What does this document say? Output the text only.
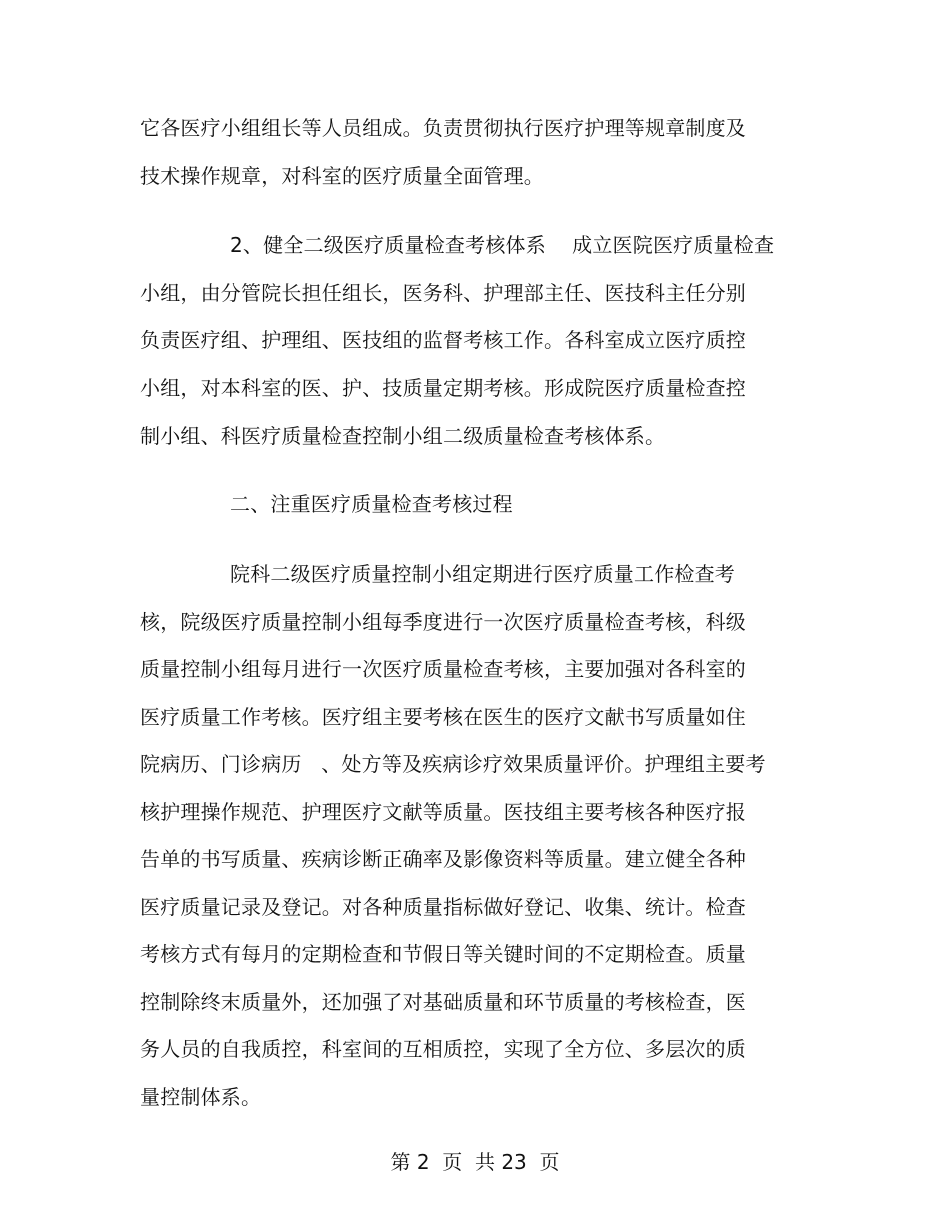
它各医疗小组组长等人员组成。负责贯彻执行医疗护理等规章制度及
技术操作规章，对科室的医疗质量全面管理。
2、健全二级医疗质量检查考核体系    成立医院医疗质量检查
小组，由分管院长担任组长，医务科、护理部主任、医技科主任分别
负责医疗组、护理组、医技组的监督考核工作。各科室成立医疗质控
小组，对本科室的医、护、技质量定期考核。形成院医疗质量检查控
制小组、科医疗质量检查控制小组二级质量检查考核体系。
二、注重医疗质量检查考核过程
院科二级医疗质量控制小组定期进行医疗质量工作检查考
核，院级医疗质量控制小组每季度进行一次医疗质量检查考核，科级
质量控制小组每月进行一次医疗质量检查考核，主要加强对各科室的
医疗质量工作考核。医疗组主要考核在医生的医疗文献书写质量如住
院病历、门诊病历   、处方等及疾病诊疗效果质量评价。护理组主要考
核护理操作规范、护理医疗文献等质量。医技组主要考核各种医疗报
告单的书写质量、疾病诊断正确率及影像资料等质量。建立健全各种
医疗质量记录及登记。对各种质量指标做好登记、收集、统计。检查
考核方式有每月的定期检查和节假日等关键时间的不定期检查。质量
控制除终末质量外，还加强了对基础质量和环节质量的考核检查，医
务人员的自我质控，科室间的互相质控，实现了全方位、多层次的质
量控制体系。
第 2  页  共 23  页
